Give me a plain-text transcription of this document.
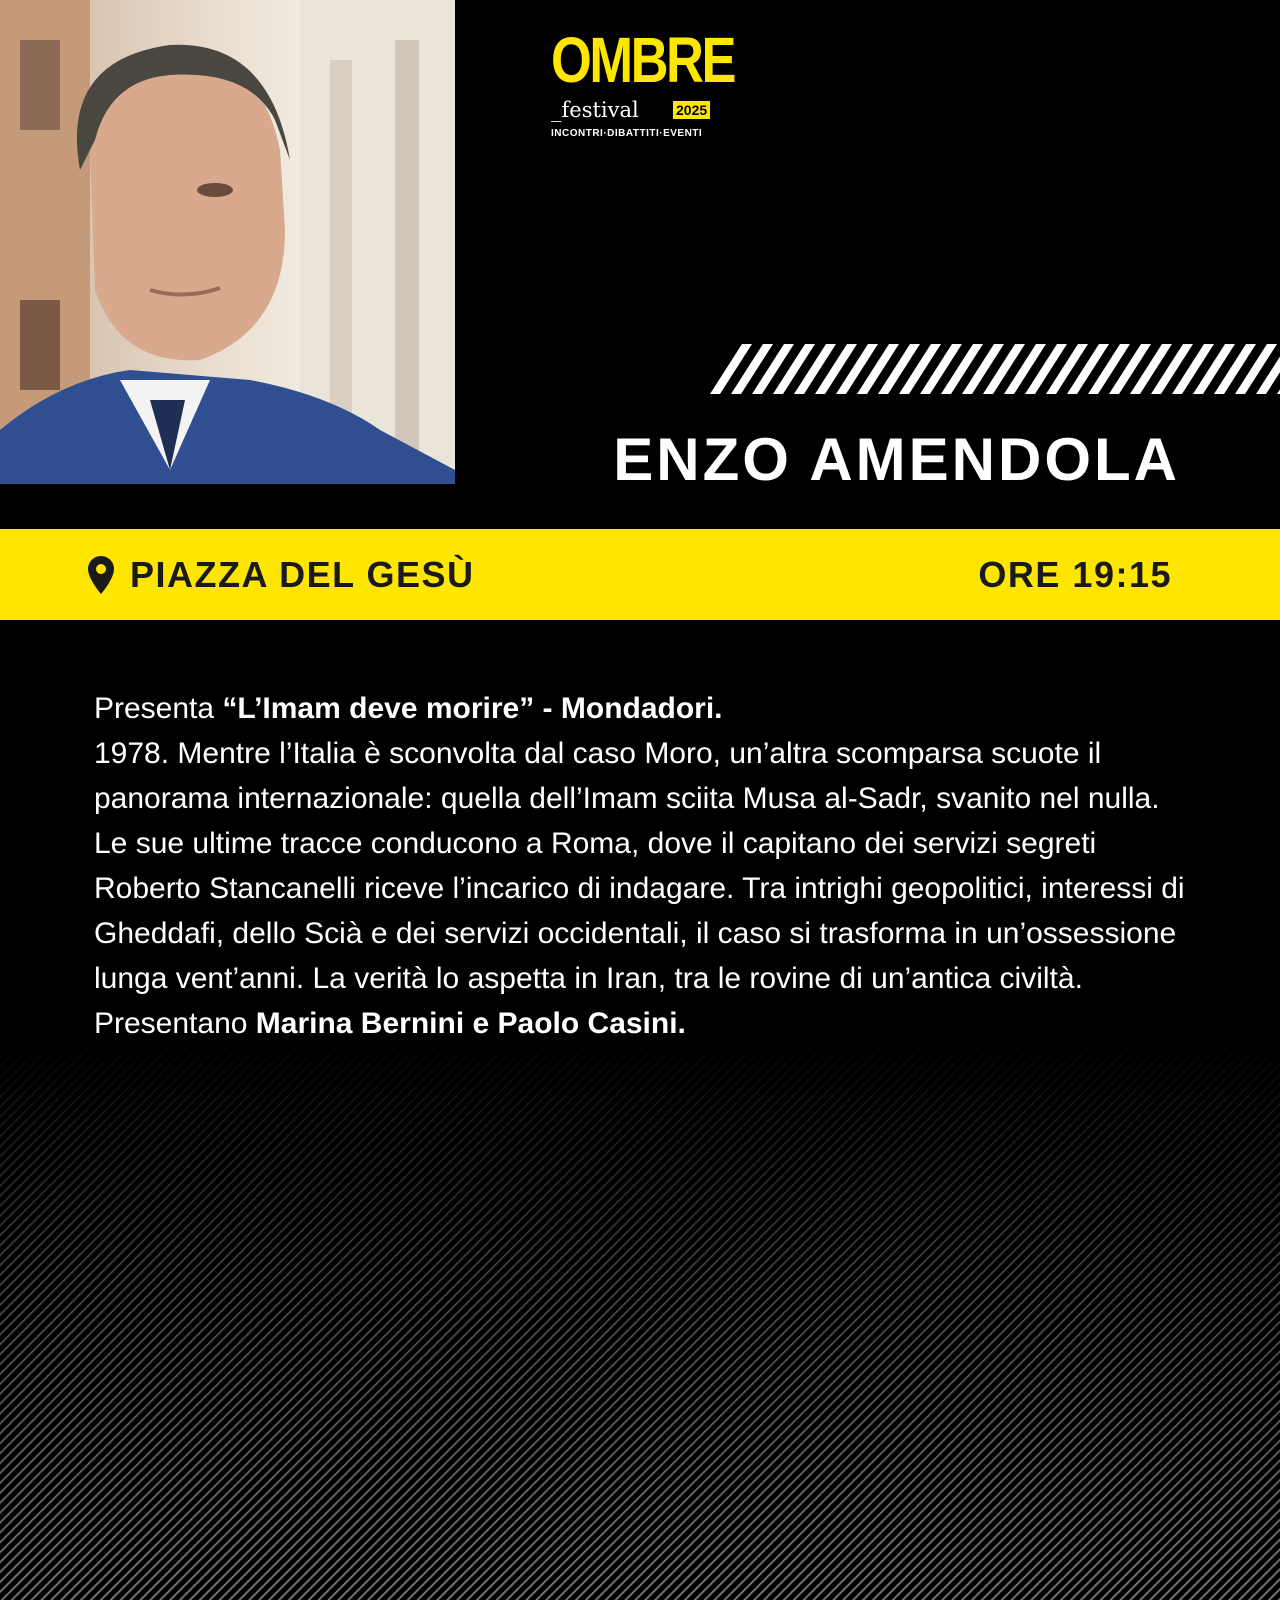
OMBRE
_festival	2025
INCONTRI·DIBATTITI·EVENTI
ENZO AMENDOLA
PIAZZA DEL GESÙ	ORE 19:15

Presenta “L’Imam deve morire” - Mondadori.

1978. Mentre l’Italia è sconvolta dal caso Moro, un’altra scomparsa scuote il panorama internazionale: quella dell’Imam sciita Musa al-Sadr, svanito nel nulla. Le sue ultime tracce conducono a Roma, dove il capitano dei servizi segreti Roberto Stancanelli riceve l’incarico di indagare. Tra intrighi geopolitici, interessi di Gheddafi, dello Scià e dei servizi occidentali, il caso si trasforma in un’ossessione lunga vent’anni. La verità lo aspetta in Iran, tra le rovine di un’antica civiltà.

Presentano Marina Bernini e Paolo Casini.
